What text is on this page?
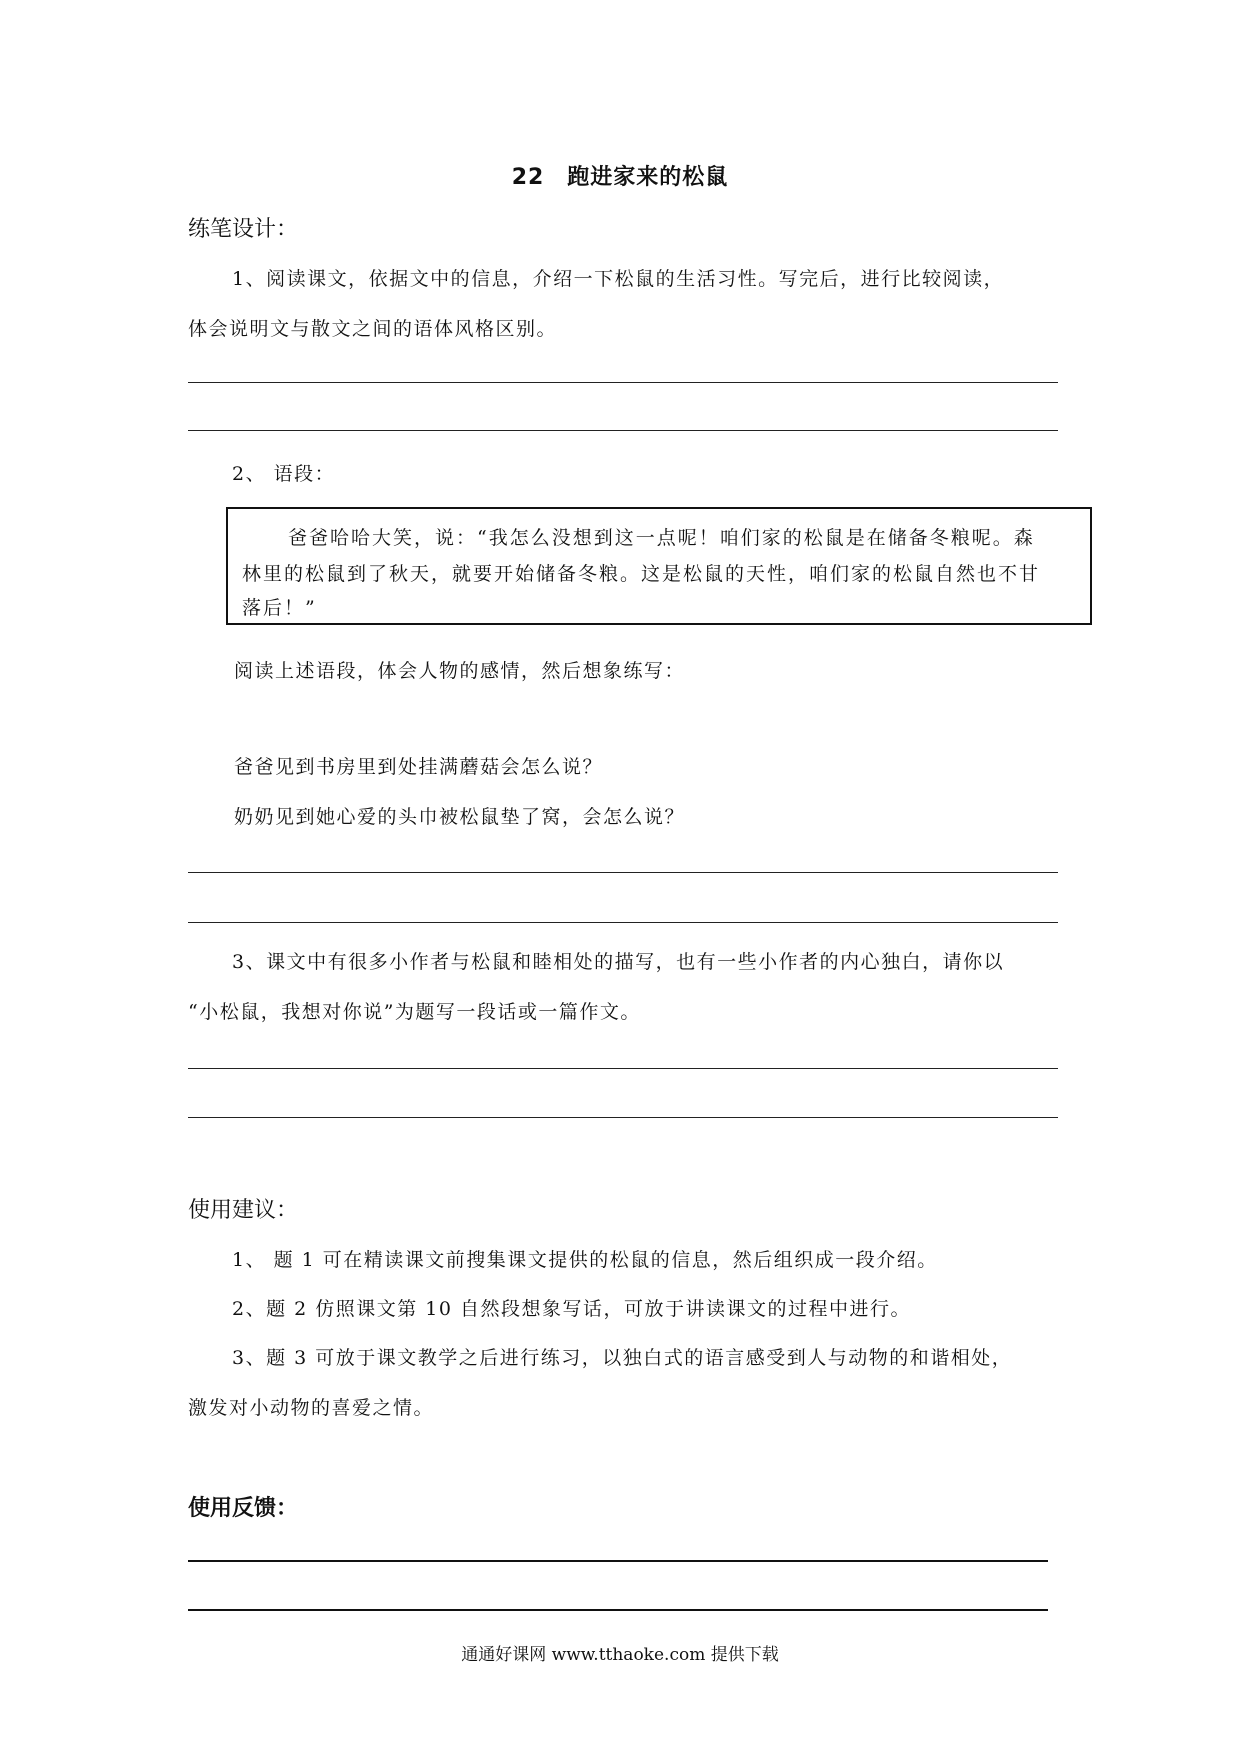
22　跑进家来的松鼠
练笔设计：
1、阅读课文，依据文中的信息，介绍一下松鼠的生活习性。写完后，进行比较阅读，
体会说明文与散文之间的语体风格区别。
2、 语段：
爸爸哈哈大笑，说：“我怎么没想到这一点呢！咱们家的松鼠是在储备冬粮呢。森
林里的松鼠到了秋天，就要开始储备冬粮。这是松鼠的天性，咱们家的松鼠自然也不甘
落后！”
阅读上述语段，体会人物的感情，然后想象练写：
爸爸见到书房里到处挂满蘑菇会怎么说？
奶奶见到她心爱的头巾被松鼠垫了窝，会怎么说？
3、课文中有很多小作者与松鼠和睦相处的描写，也有一些小作者的内心独白，请你以
“小松鼠，我想对你说”为题写一段话或一篇作文。
使用建议：
1、 题 1 可在精读课文前搜集课文提供的松鼠的信息，然后组织成一段介绍。
2、题 2 仿照课文第 10 自然段想象写话，可放于讲读课文的过程中进行。
3、题 3 可放于课文教学之后进行练习，以独白式的语言感受到人与动物的和谐相处，
激发对小动物的喜爱之情。
使用反馈：
通通好课网 www.tthaoke.com 提供下载
